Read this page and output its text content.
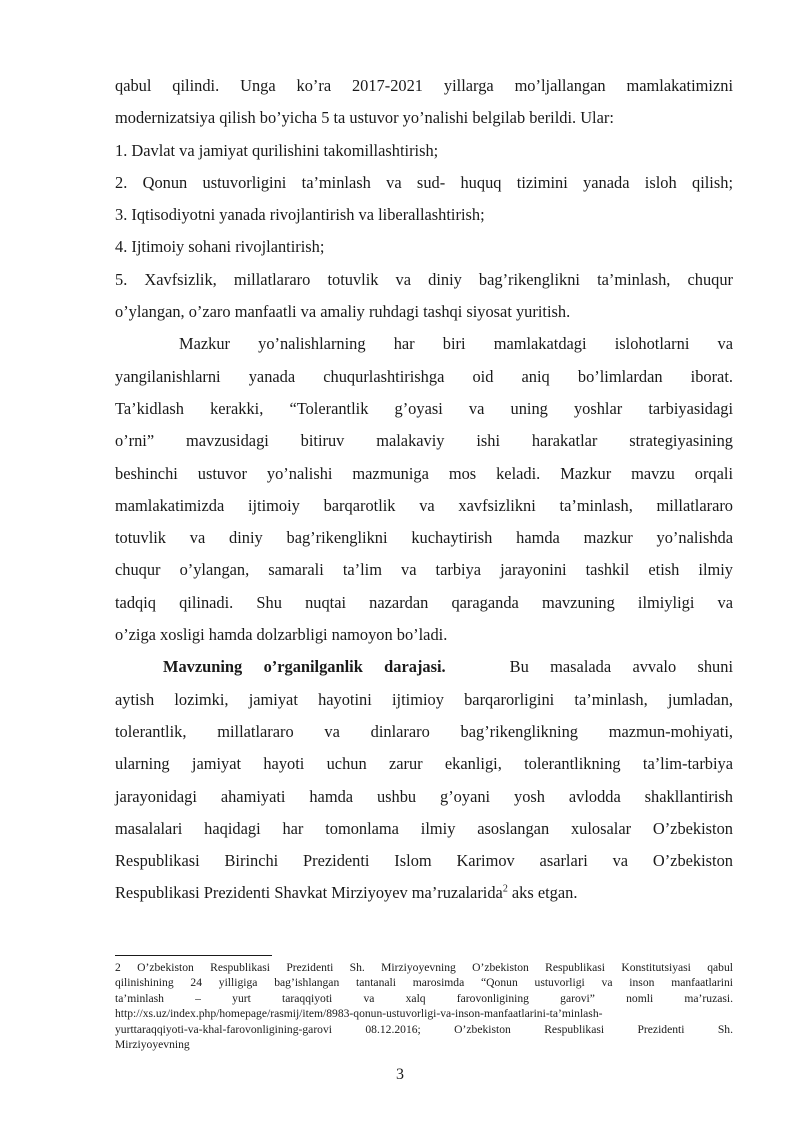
qabul qilindi. Unga ko’ra 2017-2021 yillarga mo’ljallangan mamlakatimizni
modernizatsiya qilish bo’yicha 5 ta ustuvor yo’nalishi belgilab berildi. Ular:
1. Davlat va jamiyat qurilishini takomillashtirish;
2. Qonun ustuvorligini ta’minlash va sud- huquq tizimini yanada isloh qilish;
3. Iqtisodiyotni yanada rivojlantirish va liberallashtirish;
4. Ijtimoiy sohani rivojlantirish;
5. Xavfsizlik, millatlararo totuvlik va diniy bag’rikenglikni ta’minlash, chuqur
o’ylangan, o’zaro manfaatli va amaliy ruhdagi tashqi siyosat yuritish.
Mazkur yo’nalishlarning har biri mamlakatdagi islohotlarni va
yangilanishlarni yanada chuqurlashtirishga oid aniq bo’limlardan iborat.
Ta’kidlash kerakki, “Tolerantlik g’oyasi va uning yoshlar tarbiyasidagi
o’rni” mavzusidagi bitiruv malakaviy ishi harakatlar strategiyasining
beshinchi ustuvor yo’nalishi mazmuniga mos keladi. Mazkur mavzu orqali
mamlakatimizda ijtimoiy barqarotlik va xavfsizlikni ta’minlash, millatlararo
totuvlik va diniy bag’rikenglikni kuchaytirish hamda mazkur yo’nalishda
chuqur o’ylangan, samarali ta’lim va tarbiya jarayonini tashkil etish ilmiy
tadqiq qilinadi. Shu nuqtai nazardan qaraganda mavzuning ilmiyligi va
o’ziga xosligi hamda dolzarbligi namoyon bo’ladi.
Mavzuning o’rganilganlik darajasi.	Bu masalada avvalo shuni
aytish lozimki, jamiyat hayotini ijtimioy barqarorligini ta’minlash, jumladan,
tolerantlik, millatlararo va dinlararo bag’rikenglikning mazmun-mohiyati,
ularning jamiyat hayoti uchun zarur ekanligi, tolerantlikning ta’lim-tarbiya
jarayonidagi ahamiyati hamda ushbu g’oyani yosh avlodda shakllantirish
masalalari haqidagi har tomonlama ilmiy asoslangan xulosalar O’zbekiston
Respublikasi Birinchi Prezidenti Islom Karimov asarlari va O’zbekiston
Respublikasi Prezidenti Shavkat Mirziyoyev ma’ruzalarida$^2$ aks etgan.
2 O’zbekiston Respublikasi Prezidenti Sh. Mirziyoyevning O’zbekiston Respublikasi Konstitutsiyasi qabul
qilinishining 24 yilligiga bag’ishlangan tantanali marosimda “Qonun ustuvorligi va inson manfaatlarini
ta’minlash – yurt taraqqiyoti va xalq farovonligining garovi” nomli ma’ruzasi.
http://xs.uz/index.php/homepage/rasmij/item/8983-qonun-ustuvorligi-va-inson-manfaatlarini-ta’minlash-
yurttaraqqiyoti-va-khal-farovonligining-garovi 08.12.2016; O’zbekiston Respublikasi Prezidenti Sh.
Mirziyoyevning
3
